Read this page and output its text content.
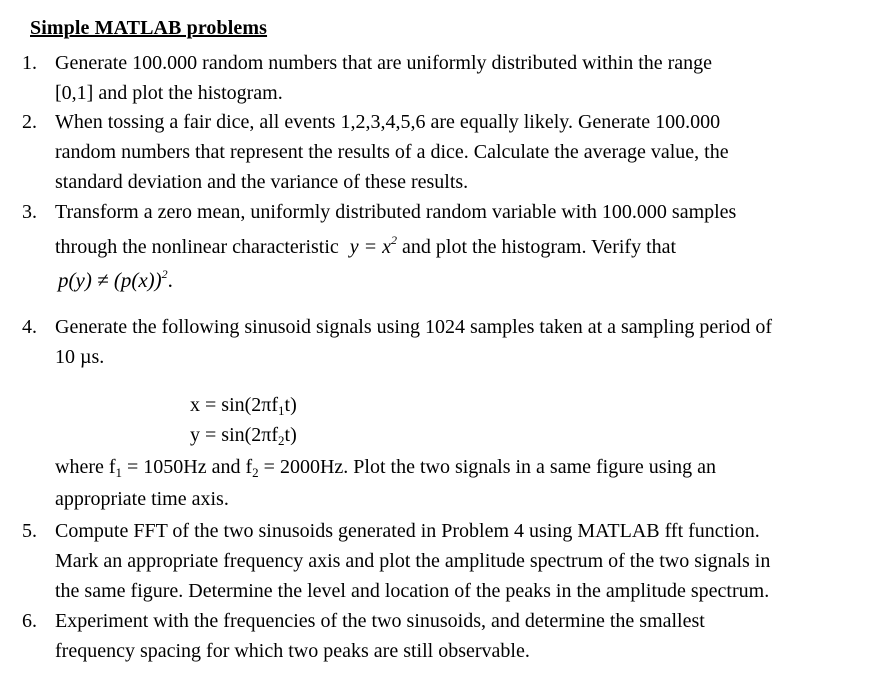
Simple MATLAB problems
1. Generate 100.000 random numbers that are uniformly distributed within the range
[0,1] and plot the histogram.
2. When tossing a fair dice, all events 1,2,3,4,5,6 are equally likely. Generate 100.000
random numbers that represent the results of a dice. Calculate the average value, the
standard deviation and the variance of these results.
3. Transform a zero mean, uniformly distributed random variable with 100.000 samples
through the nonlinear characteristic $y = x^2$ and plot the histogram. Verify that
$p(y) \ne (p(x))^2$.
4. Generate the following sinusoid signals using 1024 samples taken at a sampling period of
10 µs.
$x = \sin(2\pi f_1t)$
$y = \sin(2\pi f_2t)$
where $f_1 = 1050Hz$ and $f_2 = 2000Hz$. Plot the two signals in a same figure using an
appropriate time axis.
5. Compute FFT of the two sinusoids generated in Problem 4 using MATLAB fft function.
Mark an appropriate frequency axis and plot the amplitude spectrum of the two signals in
the same figure. Determine the level and location of the peaks in the amplitude spectrum.
6. Experiment with the frequencies of the two sinusoids, and determine the smallest
frequency spacing for which two peaks are still observable.
